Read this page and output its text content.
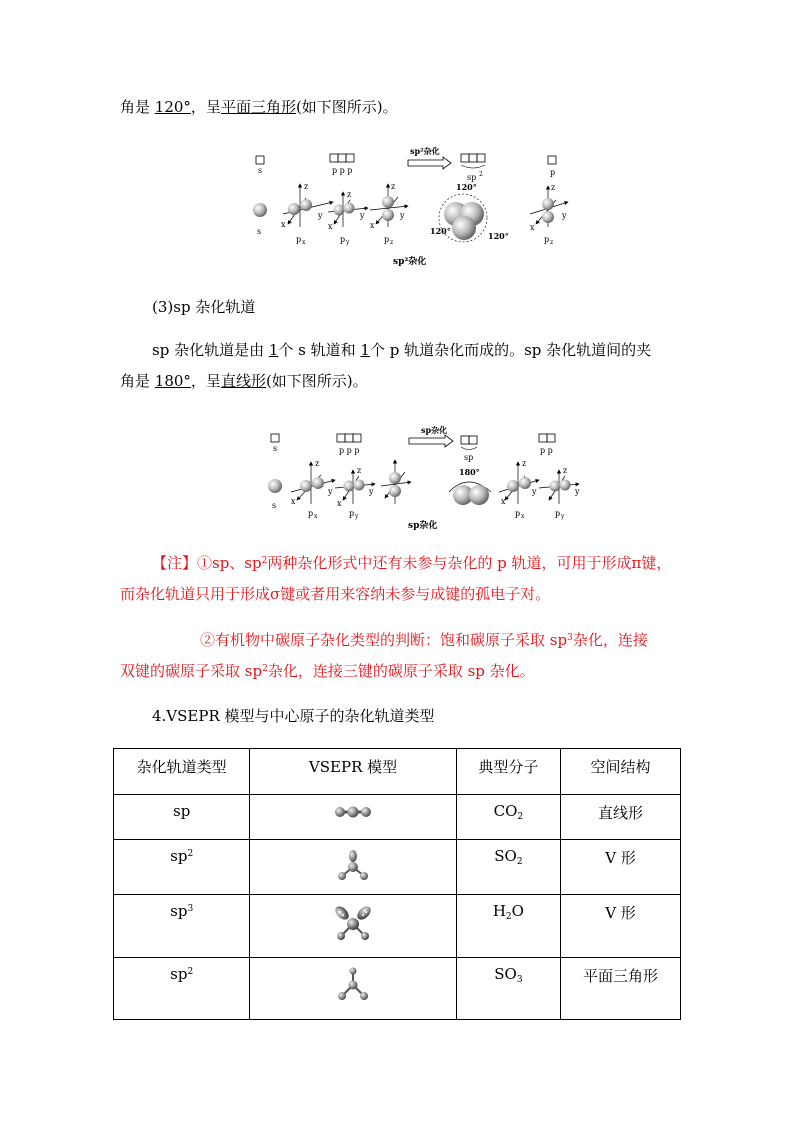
角是 120°，呈平面三角形(如下图所示)。
s	p p p
sp²杂化
sp 2	p
s
z
y
x
p x
z
y
x
p y
z
y
x
p z
120°
120°	120°
z
y
x
p z
sp²杂化
(3)sp 杂化轨道
sp 杂化轨道是由 1个 s 轨道和 1个 p 轨道杂化而成的。sp 杂化轨道间的夹
角是 180°，呈直线形(如下图所示)。
s	p p p
sp杂化
sp
p p
s
z
y
x
p x
z
y
x
p y
180°
z
y
x
p x
z
y
p y
sp杂化
【注】①sp、$sp^2$两种杂化形式中还有未参与杂化的 p 轨道，可用于形成π键，
而杂化轨道只用于形成σ键或者用来容纳未参与成键的孤电子对。
②有机物中碳原子杂化类型的判断：饱和碳原子采取 $sp^3$杂化，连接
双键的碳原子采取 $sp^2$杂化，连接三键的碳原子采取 sp 杂化。
4.VSEPR 模型与中心原子的杂化轨道类型
杂化轨道类型	VSEPR 模型	典型分子	空间结构
sp		$CO_2$	直线形
$sp^2$		$SO_2$	V 形
$sp^3$		$H_2O$	V 形
$sp^2$		$SO_3$	平面三角形
